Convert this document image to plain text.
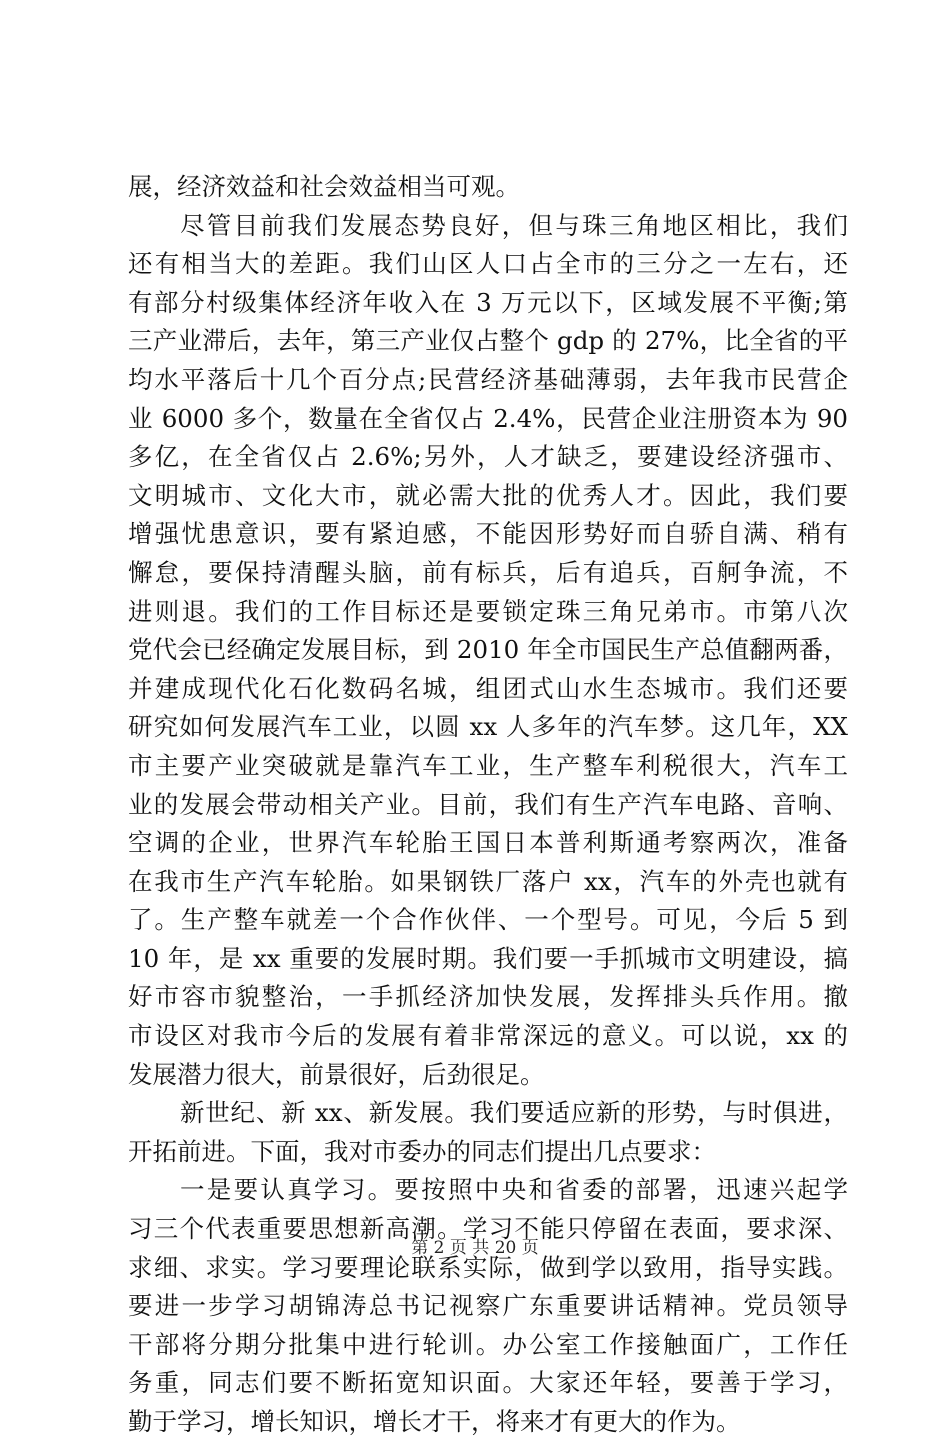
展，经济效益和社会效益相当可观。
尽管目前我们发展态势良好，但与珠三角地区相比，我们
还有相当大的差距。我们山区人口占全市的三分之一左右，还
有部分村级集体经济年收入在 3 万元以下，区域发展不平衡;第
三产业滞后，去年，第三产业仅占整个 gdp 的 27%，比全省的平
均水平落后十几个百分点;民营经济基础薄弱，去年我市民营企
业 6000 多个，数量在全省仅占 2.4%，民营企业注册资本为 90
多亿，在全省仅占 2.6%;另外，人才缺乏，要建设经济强市、
文明城市、文化大市，就必需大批的优秀人才。因此，我们要
增强忧患意识，要有紧迫感，不能因形势好而自骄自满、稍有
懈怠，要保持清醒头脑，前有标兵，后有追兵，百舸争流，不
进则退。我们的工作目标还是要锁定珠三角兄弟市。市第八次
党代会已经确定发展目标，到 2010 年全市国民生产总值翻两番，
并建成现代化石化数码名城，组团式山水生态城市。我们还要
研究如何发展汽车工业，以圆 xx 人多年的汽车梦。这几年，XX
市主要产业突破就是靠汽车工业，生产整车利税很大，汽车工
业的发展会带动相关产业。目前，我们有生产汽车电路、音响、
空调的企业，世界汽车轮胎王国日本普利斯通考察两次，准备
在我市生产汽车轮胎。如果钢铁厂落户 xx，汽车的外壳也就有
了。生产整车就差一个合作伙伴、一个型号。可见，今后 5 到
10 年，是 xx 重要的发展时期。我们要一手抓城市文明建设，搞
好市容市貌整治，一手抓经济加快发展，发挥排头兵作用。撤
市设区对我市今后的发展有着非常深远的意义。可以说，xx 的
发展潜力很大，前景很好，后劲很足。
新世纪、新 xx、新发展。我们要适应新的形势，与时俱进，
开拓前进。下面，我对市委办的同志们提出几点要求：
一是要认真学习。要按照中央和省委的部署，迅速兴起学
习三个代表重要思想新高潮。学习不能只停留在表面，要求深、
求细、求实。学习要理论联系实际，做到学以致用，指导实践。
要进一步学习胡锦涛总书记视察广东重要讲话精神。党员领导
干部将分期分批集中进行轮训。办公室工作接触面广，工作任
务重，同志们要不断拓宽知识面。大家还年轻，要善于学习，
勤于学习，增长知识，增长才干，将来才有更大的作为。
第 2 页 共 20 页
